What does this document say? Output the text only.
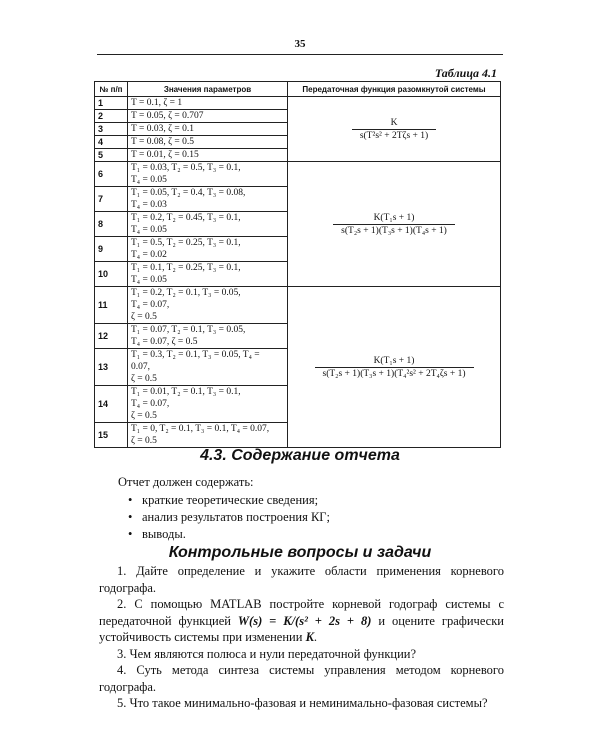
35
Таблица 4.1
№ п/п	Значения параметров	Передаточная функция разомкнутой системы
1	T = 0.1, ζ = 1	$\frac{K}{\text{s(T²s² + 2Tζs + 1)}}$

2	T = 0.05, ζ = 0.707	

3	T = 0.03, ζ = 0.1	

4	T = 0.08, ζ = 0.5	

5	T = 0.01, ζ = 0.15	

6	T₁ = 0.03, T₂ = 0.5, T₃ = 0.1,
T₄ = 0.05	$\frac{\text{K(T₁s + 1)}}{\text{s(T₂s + 1)(T₃s + 1)(T₄s + 1)}}$

7	T₁ = 0.05, T₂ = 0.4, T₃ = 0.08,
T₄ = 0.03	

8	T₁ = 0.2, T₂ = 0.45, T₃ = 0.1,
T₄ = 0.05	

9	T₁ = 0.5, T₂ = 0.25, T₃ = 0.1,
T₄ = 0.02	

10	T₁ = 0.1, T₂ = 0.25, T₃ = 0.1,
T₄ = 0.05	

11	T₁ = 0.2, T₂ = 0.1, T₃ = 0.05,
T₄ = 0.07,
ζ = 0.5	$\frac{\text{K(T₁s + 1)}}{\text{s(T₂s + 1)(T₃s + 1)(T₄²s² + 2T₄ζs + 1)}}$

12	T₁ = 0.07, T₂ = 0.1, T₃ = 0.05,
T₄ = 0.07, ζ = 0.5	

13	T₁ = 0.3, T₂ = 0.1, T₃ = 0.05, T₄ =
0.07,
ζ = 0.5	

14	T₁ = 0.01, T₂ = 0.1, T₃ = 0.1,
T₄ = 0.07,
ζ = 0.5	

15	T₁ = 0, T₂ = 0.1, T₃ = 0.1, T₄ = 0.07,
ζ = 0.5	
4.3. Содержание отчета
Отчет должен содержать:
• краткие теоретические сведения;
• анализ результатов построения КГ;
• выводы.
Контрольные вопросы и задачи

1. Дайте определение и укажите области применения корневого годографа.

2. С помощью MATLAB постройте корневой годограф системы с передаточной функцией W(s) = K/(s² + 2s + 8) и оцените графически устойчивость системы при изменении K.

3. Чем являются полюса и нули передаточной функции?

4. Суть метода синтеза системы управления методом корневого годографа.

5. Что такое минимально-фазовая и неминимально-фазовая системы?
